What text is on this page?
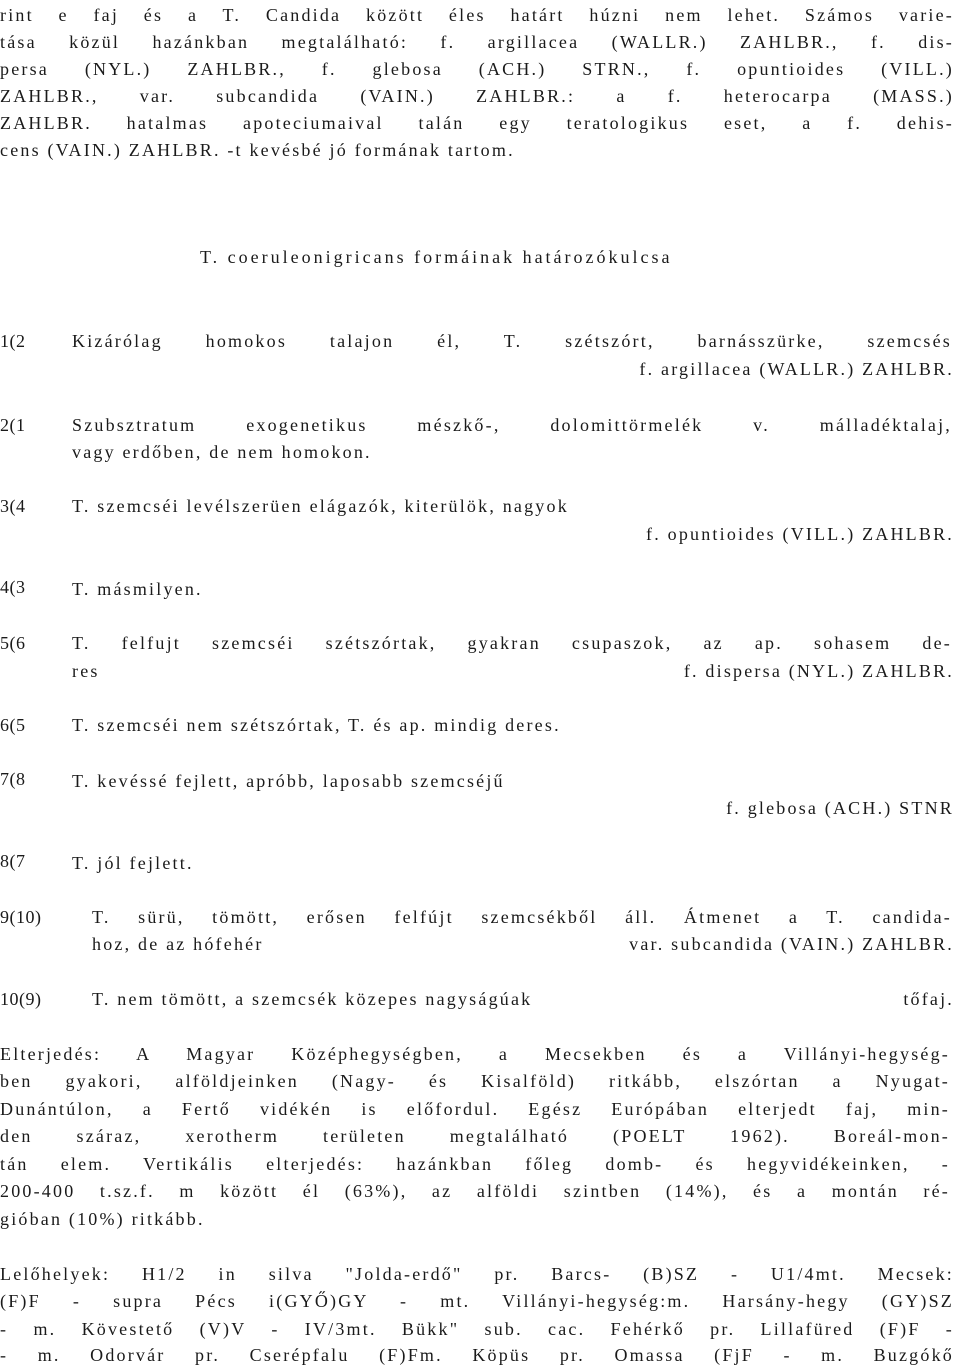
rint e faj és a T. Candida között éles határt húzni nem lehet. Számos varie-

tása közül hazánkban megtalálható: f. argillacea (WALLR.) ZAHLBR., f. dis-

persa (NYL.) ZAHLBR., f. glebosa (ACH.) STRN., f. opuntioides (VILL.)

ZAHLBR., var. subcandida (VAIN.) ZAHLBR.: a f. heterocarpa (MASS.)

ZAHLBR. hatalmas apoteciumaival talán egy teratologikus eset, a f. dehis-

cens (VAIN.) ZAHLBR. -t kevésbé jó formának tartom.

T. coeruleonigricans formáinak határozókulcsa
1(2	Kizárólag homokos talajon él, T. szétszórt, barnásszürke, szemcsés
f. argillacea (WALLR.) ZAHLBR.
2(1	Szubsztratum exogenetikus mészkő-, dolomittörmelék v. málladéktalaj,
vagy erdőben, de nem homokon.
3(4	T. szemcséi levélszerüen elágazók, kiterülök, nagyok
f. opuntioides (VILL.) ZAHLBR.
4(3	T. másmilyen.
5(6	T. felfujt szemcséi szétszórtak, gyakran csupaszok, az ap. sohasem de-
res	f. dispersa (NYL.) ZAHLBR.
6(5	T. szemcséi nem szétszórtak, T. és ap. mindig deres.
7(8	T. kevéssé fejlett, apróbb, laposabb szemcséjű
f. glebosa (ACH.) STNR
8(7	T. jól fejlett.
9(10)	T. sürü, tömött, erősen felfújt szemcsékből áll. Átmenet a T. candida-
hoz, de az hófehér	var. subcandida (VAIN.) ZAHLBR.
10(9)	T. nem tömött, a szemcsék közepes nagyságúak	tőfaj.

Elterjedés: A Magyar Középhegységben, a Mecsekben és a Villányi-hegység-

ben gyakori, alföldjeinken (Nagy- és Kisalföld) ritkább, elszórtan a Nyugat-

Dunántúlon, a Fertő vidékén is előfordul. Egész Európában elterjedt faj, min-

den száraz, xerotherm területen megtalálható (POELT 1962). Boreál-mon-

tán elem. Vertikális elterjedés: hazánkban főleg domb- és hegyvidékeinken, -

200-400 t.sz.f. m között él (63%), az alföldi szintben (14%), és a montán ré-

gióban (10%) ritkább.

Lelőhelyek: H1/2 in silva "Jolda-erdő" pr. Barcs- (B)SZ - U1/4mt. Mecsek:

(F)F - supra Pécs i(GYŐ)GY - mt. Villányi-hegység:m. Harsány-hegy (GY)SZ

- m. Kövestető (V)V - IV/3mt. Bükk" sub. cac. Fehérkő pr. Lillafüred (F)F -

- m. Odorvár pr. Cserépfalu (F)Fm. Köpüs pr. Omassa (FjF - m. Buzgókő
